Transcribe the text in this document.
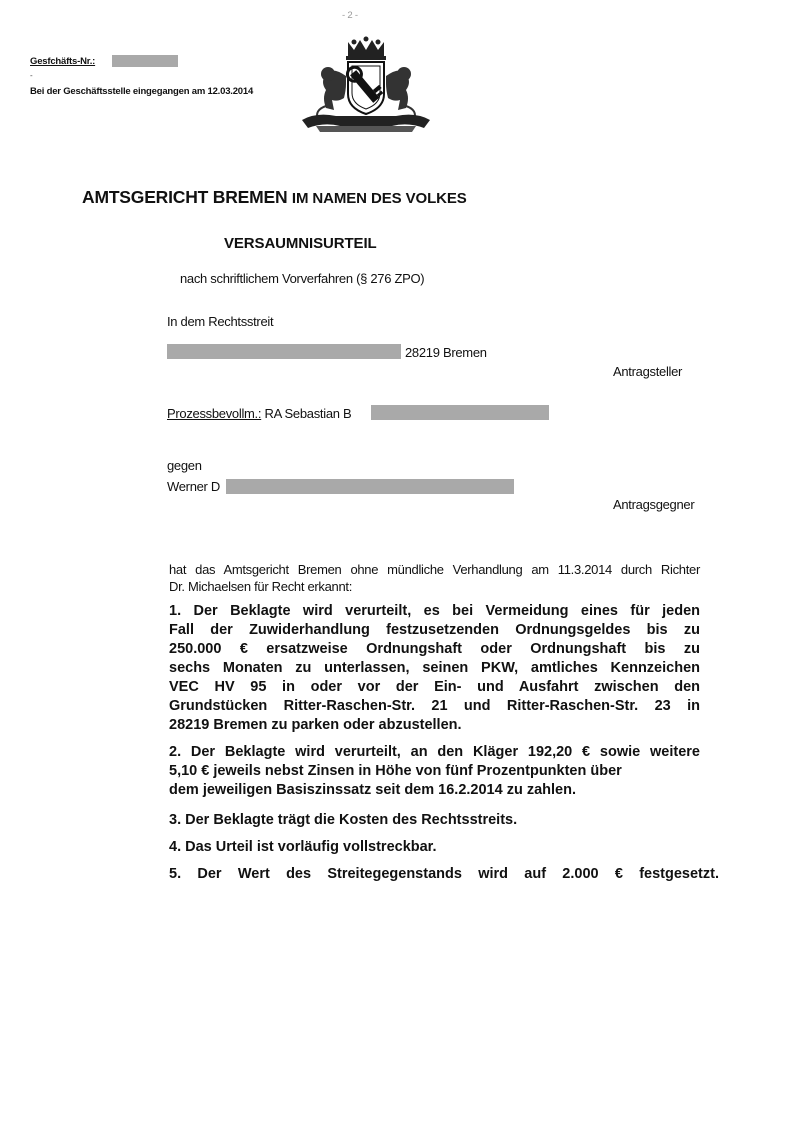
- 2 -
Gesfchäfts-Nr.:
-
Bei der Geschäftsstelle eingegangen am 12.03.2014
AMTSGERICHT BREMEN IM NAMEN DES VOLKES
VERSAUMNISURTEIL
nach schriftlichem Vorverfahren (§ 276 ZPO)
In dem Rechtsstreit
28219 Bremen
Antragsteller
Prozessbevollm.: RA Sebastian B
gegen
Werner D
Antragsgegner
hat das Amtsgericht Bremen ohne mündliche Verhandlung am 11.3.2014 durch Richter
Dr. Michaelsen für Recht erkannt:
1. Der Beklagte wird verurteilt, es bei Vermeidung eines für jeden
Fall der Zuwiderhandlung festzusetzenden Ordnungsgeldes bis zu
250.000 € ersatzweise Ordnungshaft oder Ordnungshaft bis zu
sechs Monaten zu unterlassen, seinen PKW, amtliches Kennzeichen
VEC HV 95 in oder vor der Ein- und Ausfahrt zwischen den
Grundstücken Ritter-Raschen-Str. 21 und Ritter-Raschen-Str. 23 in
28219 Bremen zu parken oder abzustellen.
2. Der Beklagte wird verurteilt, an den Kläger 192,20 € sowie weitere
5,10 € jeweils nebst Zinsen in Höhe von fünf Prozentpunkten über
dem jeweiligen Basiszinssatz seit dem 16.2.2014 zu zahlen.
3. Der Beklagte trägt die Kosten des Rechtsstreits.
4. Das Urteil ist vorläufig vollstreckbar.
5. Der Wert des Streitegegenstands wird auf 2.000 € festgesetzt.
